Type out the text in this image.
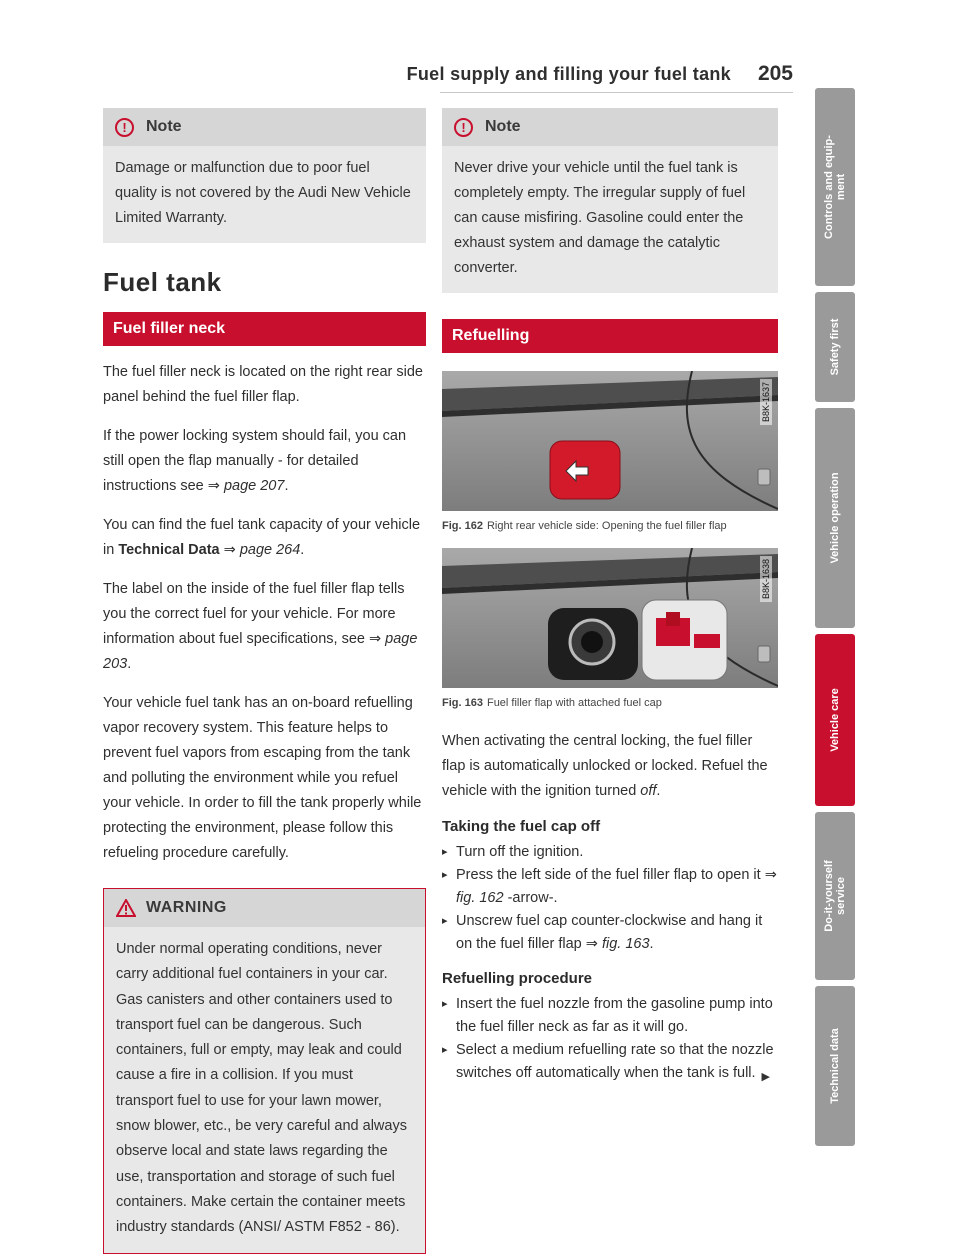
Fuel supply and filling your fuel tank 205
!	Note
Damage or malfunction due to poor fuel quality is not covered by the Audi New Vehicle Limited Warranty.
Fuel tank
Fuel filler neck

The fuel filler neck is located on the right rear side panel behind the fuel filler flap.

If the power locking system should fail, you can still open the flap manually - for detailed instructions see ⇒ page 207.

You can find the fuel tank capacity of your vehicle in Technical Data ⇒ page 264.

The label on the inside of the fuel filler flap tells you the correct fuel for your vehicle. For more information about fuel specifications, see ⇒ page 203.

Your vehicle fuel tank has an on-board refuelling vapor recovery system. This feature helps to prevent fuel vapors from escaping from the tank and polluting the environment while you refuel your vehicle. In order to fill the tank properly while protecting the environment, please follow this refueling procedure carefully.

WARNING
Under normal operating conditions, never carry additional fuel containers in your car. Gas canisters and other containers used to transport fuel can be dangerous. Such containers, full or empty, may leak and could cause a fire in a collision. If you must transport fuel to use for your lawn mower, snow blower, etc., be very careful and always observe local and state laws regarding the use, transportation and storage of such fuel containers. Make certain the container meets industry standards (ANSI/ ASTM F852 - 86).
!	Note
Never drive your vehicle until the fuel tank is completely empty. The irregular supply of fuel can cause misfiring. Gasoline could enter the exhaust system and damage the catalytic converter.
Refuelling
B8K-1637
Fig. 162 Right rear vehicle side: Opening the fuel filler flap
B8K-1638
Fig. 163 Fuel filler flap with attached fuel cap

When activating the central locking, the fuel filler flap is automatically unlocked or locked. Refuel the vehicle with the ignition turned off.

Taking the fuel cap off
▸ Turn off the ignition.
▸ Press the left side of the fuel filler flap to open it ⇒ fig. 162 -arrow-.
▸ Unscrew fuel cap counter-clockwise and hang it on the fuel filler flap ⇒ fig. 163.
Refuelling procedure
▸ Insert the fuel nozzle from the gasoline pump into the fuel filler neck as far as it will go.
▸ Select a medium refuelling rate so that the nozzle switches off automatically when the tank is full. ▶
Controls and equip-
ment
Safety first
Vehicle operation
Vehicle care
Do-it-yourself
service
Technical data
